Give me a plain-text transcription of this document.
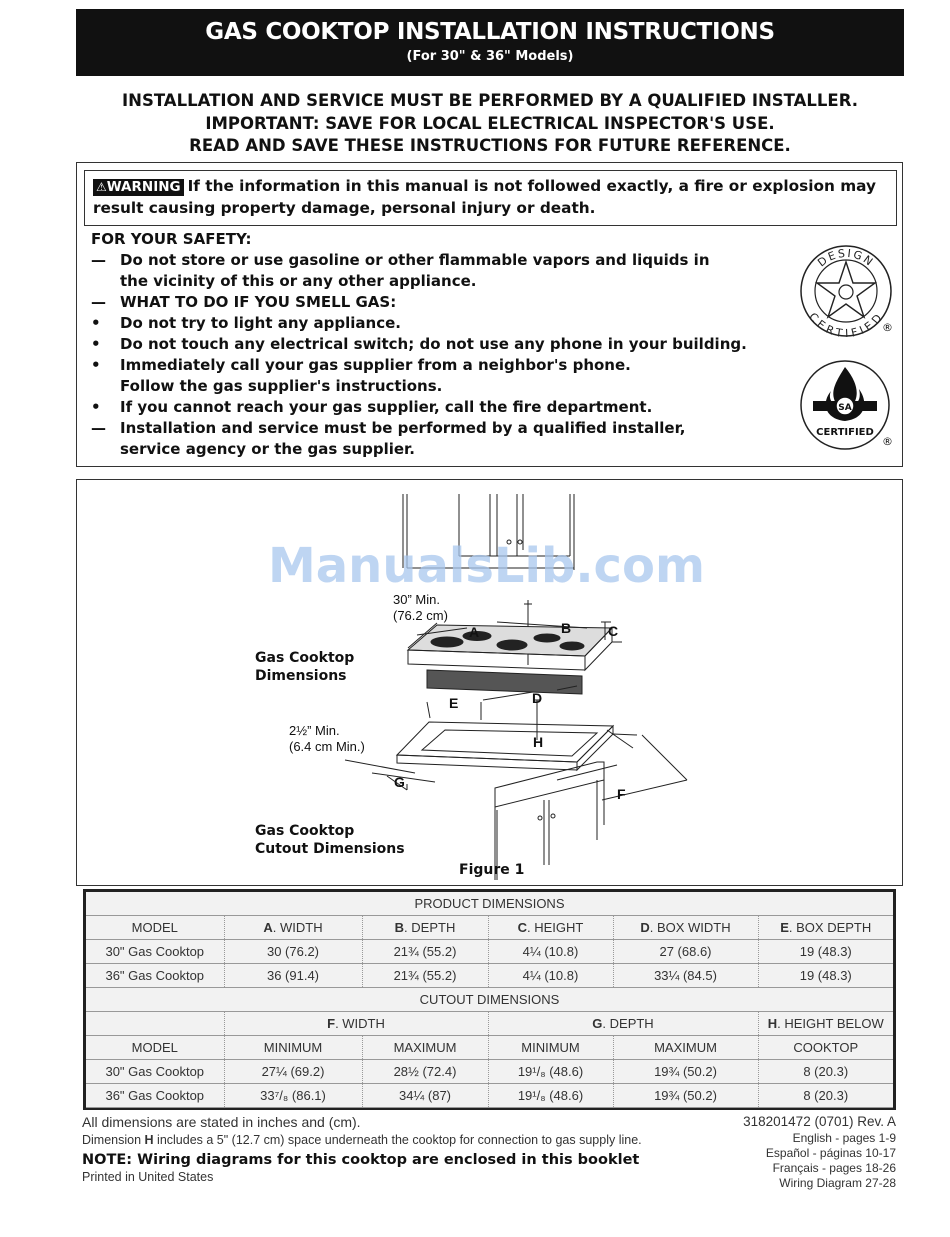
GAS COOKTOP INSTALLATION INSTRUCTIONS
(For 30" & 36" Models)
INSTALLATION AND SERVICE MUST BE PERFORMED BY A QUALIFIED INSTALLER.
IMPORTANT: SAVE FOR LOCAL ELECTRICAL INSPECTOR'S USE.
READ AND SAVE THESE INSTRUCTIONS FOR FUTURE REFERENCE.
⚠WARNING If the information in this manual is not followed exactly, a fire or explosion may result causing property damage, personal injury or death.
FOR YOUR SAFETY:
— Do not store or use gasoline or other flammable vapors and liquids in
the vicinity of this or any other appliance.
— WHAT TO DO IF YOU SMELL GAS:
•	Do not try to light any appliance.
•	Do not touch any electrical switch; do not use any phone in your building.
•	Immediately call your gas supplier from a neighbor's phone.
Follow the gas supplier's instructions.
•	If you cannot reach your gas supplier, call the fire department.
— Installation and service must be performed by a qualified installer,
service agency or the gas supplier.
DESIGN
CERTIFIED
®
SA
CERTIFIED
®
30” Min.
(76.2 cm)
2½” Min.
(6.4 cm Min.)
Gas Cooktop
Dimensions
Gas Cooktop
Cutout Dimensions
Figure 1
A	B	C
D
E
F
G
H
ManualsLib.com
PRODUCT DIMENSIONS					
MODEL	A. WIDTH	B. DEPTH	C. HEIGHT	D. BOX WIDTH	E. BOX DEPTH
30" Gas Cooktop	30 (76.2)	21¾ (55.2)	4¼ (10.8)	27 (68.6)	19 (48.3)
36" Gas Cooktop	36 (91.4)	21¾ (55.2)	4¼ (10.8)	33¼ (84.5)	19 (48.3)
CUTOUT DIMENSIONS					
	F. WIDTH		G. DEPTH		H. HEIGHT BELOW
MODEL	MINIMUM	MAXIMUM	MINIMUM	MAXIMUM	COOKTOP
30" Gas Cooktop	27¼ (69.2)	28½ (72.4)	19¹/₈ (48.6)	19¾ (50.2)	8 (20.3)
36" Gas Cooktop	33⁷/₈ (86.1)	34¼ (87)	19¹/₈ (48.6)	19¾ (50.2)	8 (20.3)
All dimensions are stated in inches and (cm).
Dimension H includes a 5" (12.7 cm) space underneath the cooktop for connection to gas supply line.
NOTE: Wiring diagrams for this cooktop are enclosed in this booklet
Printed in United States
318201472 (0701) Rev. A
English - pages 1-9
Español - páginas 10-17
Français - pages 18-26
Wiring Diagram 27-28
